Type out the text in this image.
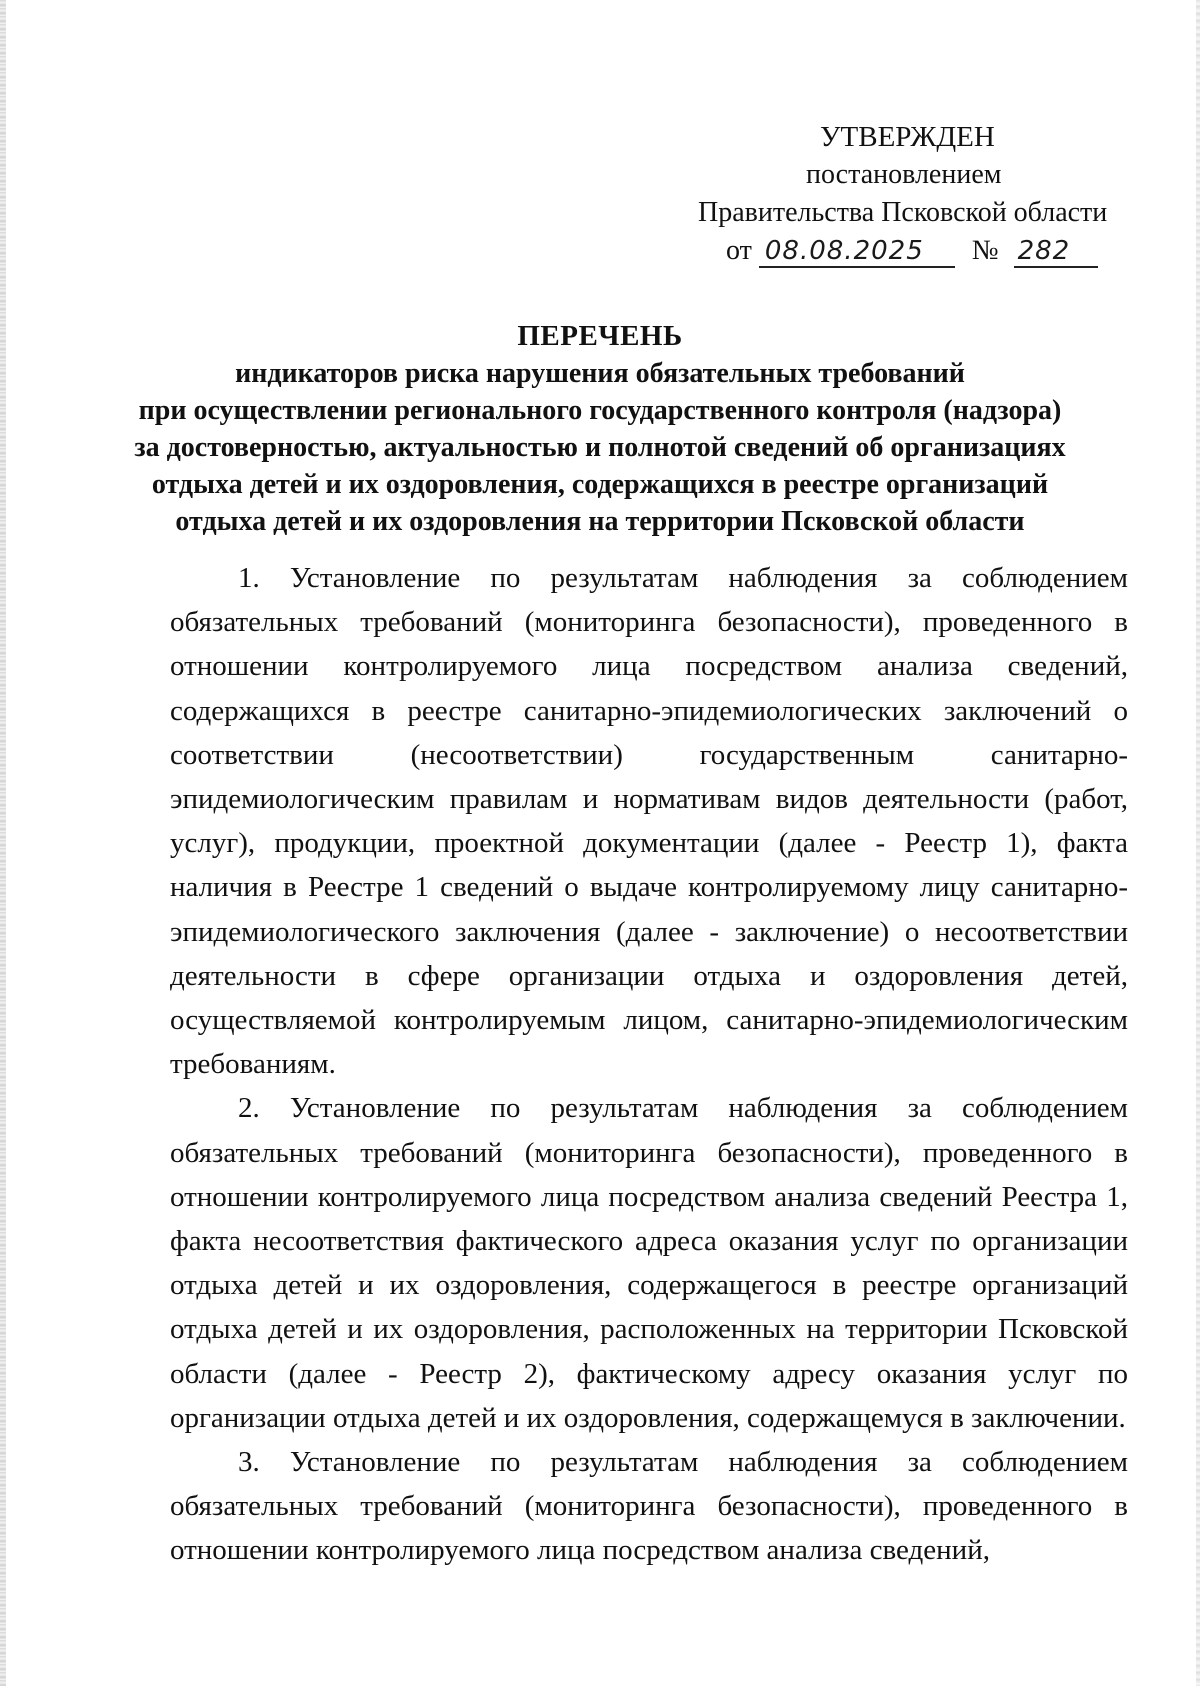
УТВЕРЖДЕН
постановлением
Правительства Псковской области
от 08.08.2025 № 282
ПЕРЕЧЕНЬ
индикаторов риска нарушения обязательных требований
при осуществлении регионального государственного контроля (надзора)
за достоверностью, актуальностью и полнотой сведений об организациях
отдыха детей и их оздоровления, содержащихся в реестре организаций
отдыха детей и их оздоровления на территории Псковской области

1. Установление по результатам наблюдения за соблюдением обязательных требований (мониторинга безопасности), проведенного в отношении контролируемого лица посредством анализа сведений, содержащихся в реестре санитарно-эпидемиологических заключений о соответствии (несоответствии) государственным санитарно-эпидемиологическим правилам и нормативам видов деятельности (работ, услуг), продукции, проектной документации (далее - Реестр 1), факта наличия в Реестре 1 сведений о выдаче контролируемому лицу санитарно-эпидемиологического заключения (далее - заключение) о несоответствии деятельности в сфере организации отдыха и оздоровления детей, осуществляемой контролируемым лицом, санитарно-эпидемиологическим требованиям.

2. Установление по результатам наблюдения за соблюдением обязательных требований (мониторинга безопасности), проведенного в отношении контролируемого лица посредством анализа сведений Реестра 1, факта несоответствия фактического адреса оказания услуг по организации отдыха детей и их оздоровления, содержащегося в реестре организаций отдыха детей и их оздоровления, расположенных на территории Псковской области (далее - Реестр 2), фактическому адресу оказания услуг по организации отдыха детей и их оздоровления, содержащемуся в заключении.

3. Установление по результатам наблюдения за соблюдением обязательных требований (мониторинга безопасности), проведенного в отношении контролируемого лица посредством анализа сведений,
